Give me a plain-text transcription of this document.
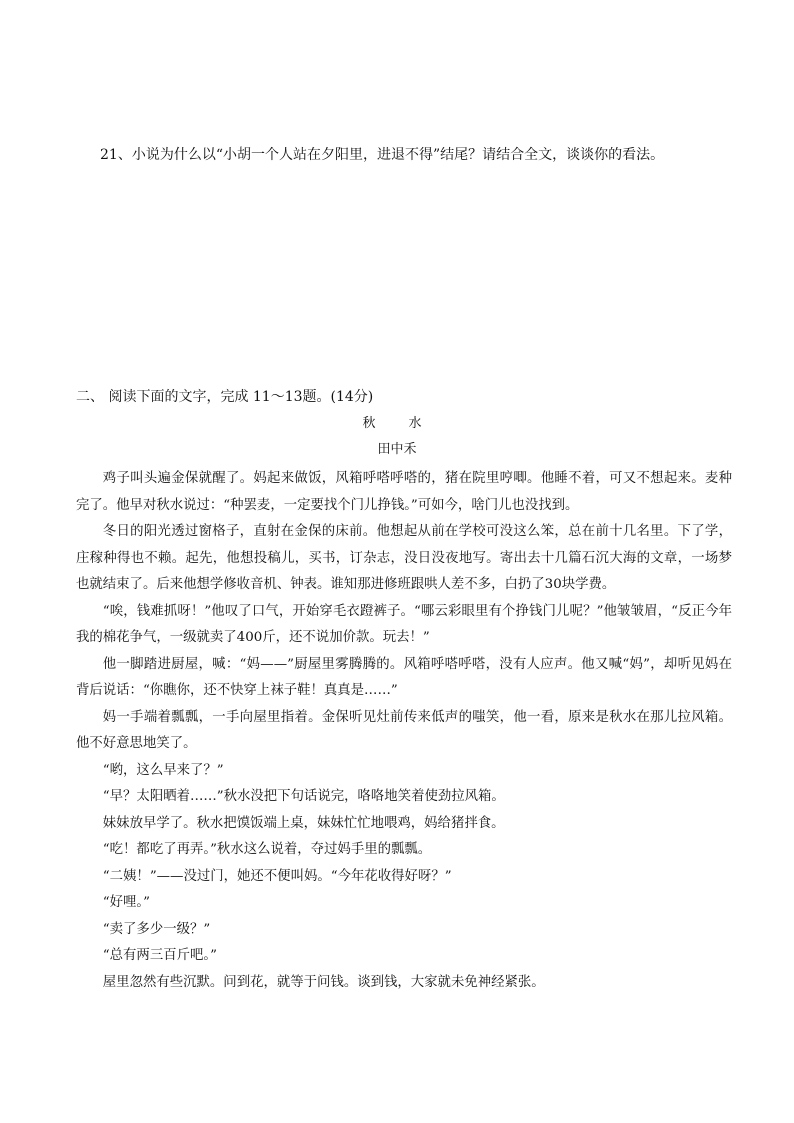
21、小说为什么以“小胡一个人站在夕阳里，进退不得”结尾？请结合全文，谈谈你的看法。
二、 阅读下面的文字，完成 11～13题。(14分)
秋　水
田中禾

鸡子叫头遍金保就醒了。妈起来做饭，风箱呼嗒呼嗒的，猪在院里哼唧。他睡不着，可又不想起来。麦种完了。他早对秋水说过：“种罢麦，一定要找个门儿挣钱。”可如今，啥门儿也没找到。

冬日的阳光透过窗格子，直射在金保的床前。他想起从前在学校可没这么笨，总在前十几名里。下了学，庄稼种得也不赖。起先，他想投稿儿，买书，订杂志，没日没夜地写。寄出去十几篇石沉大海的文章，一场梦也就结束了。后来他想学修收音机、钟表。谁知那进修班跟哄人差不多，白扔了30块学费。

“唉，钱难抓呀！”他叹了口气，开始穿毛衣蹬裤子。“哪云彩眼里有个挣钱门儿呢？”他皱皱眉，“反正今年我的棉花争气，一级就卖了400斤，还不说加价款。玩去！”

他一脚踏进厨屋，喊：“妈——”厨屋里雾腾腾的。风箱呼嗒呼嗒，没有人应声。他又喊“妈”，却听见妈在背后说话：“你瞧你，还不快穿上袜子鞋！真真是……”

妈一手端着瓢瓢，一手向屋里指着。金保听见灶前传来低声的嗤笑，他一看，原来是秋水在那儿拉风箱。他不好意思地笑了。

“哟，这么早来了？”

“早？太阳晒着……”秋水没把下句话说完，咯咯地笑着使劲拉风箱。

妹妹放早学了。秋水把馍饭端上桌，妹妹忙忙地喂鸡，妈给猪拌食。

“吃！都吃了再弄。”秋水这么说着，夺过妈手里的瓢瓢。

“二姨！”——没过门，她还不便叫妈。“今年花收得好呀？”

“好哩。”

“卖了多少一级？”

“总有两三百斤吧。”

屋里忽然有些沉默。问到花，就等于问钱。谈到钱，大家就未免神经紧张。
